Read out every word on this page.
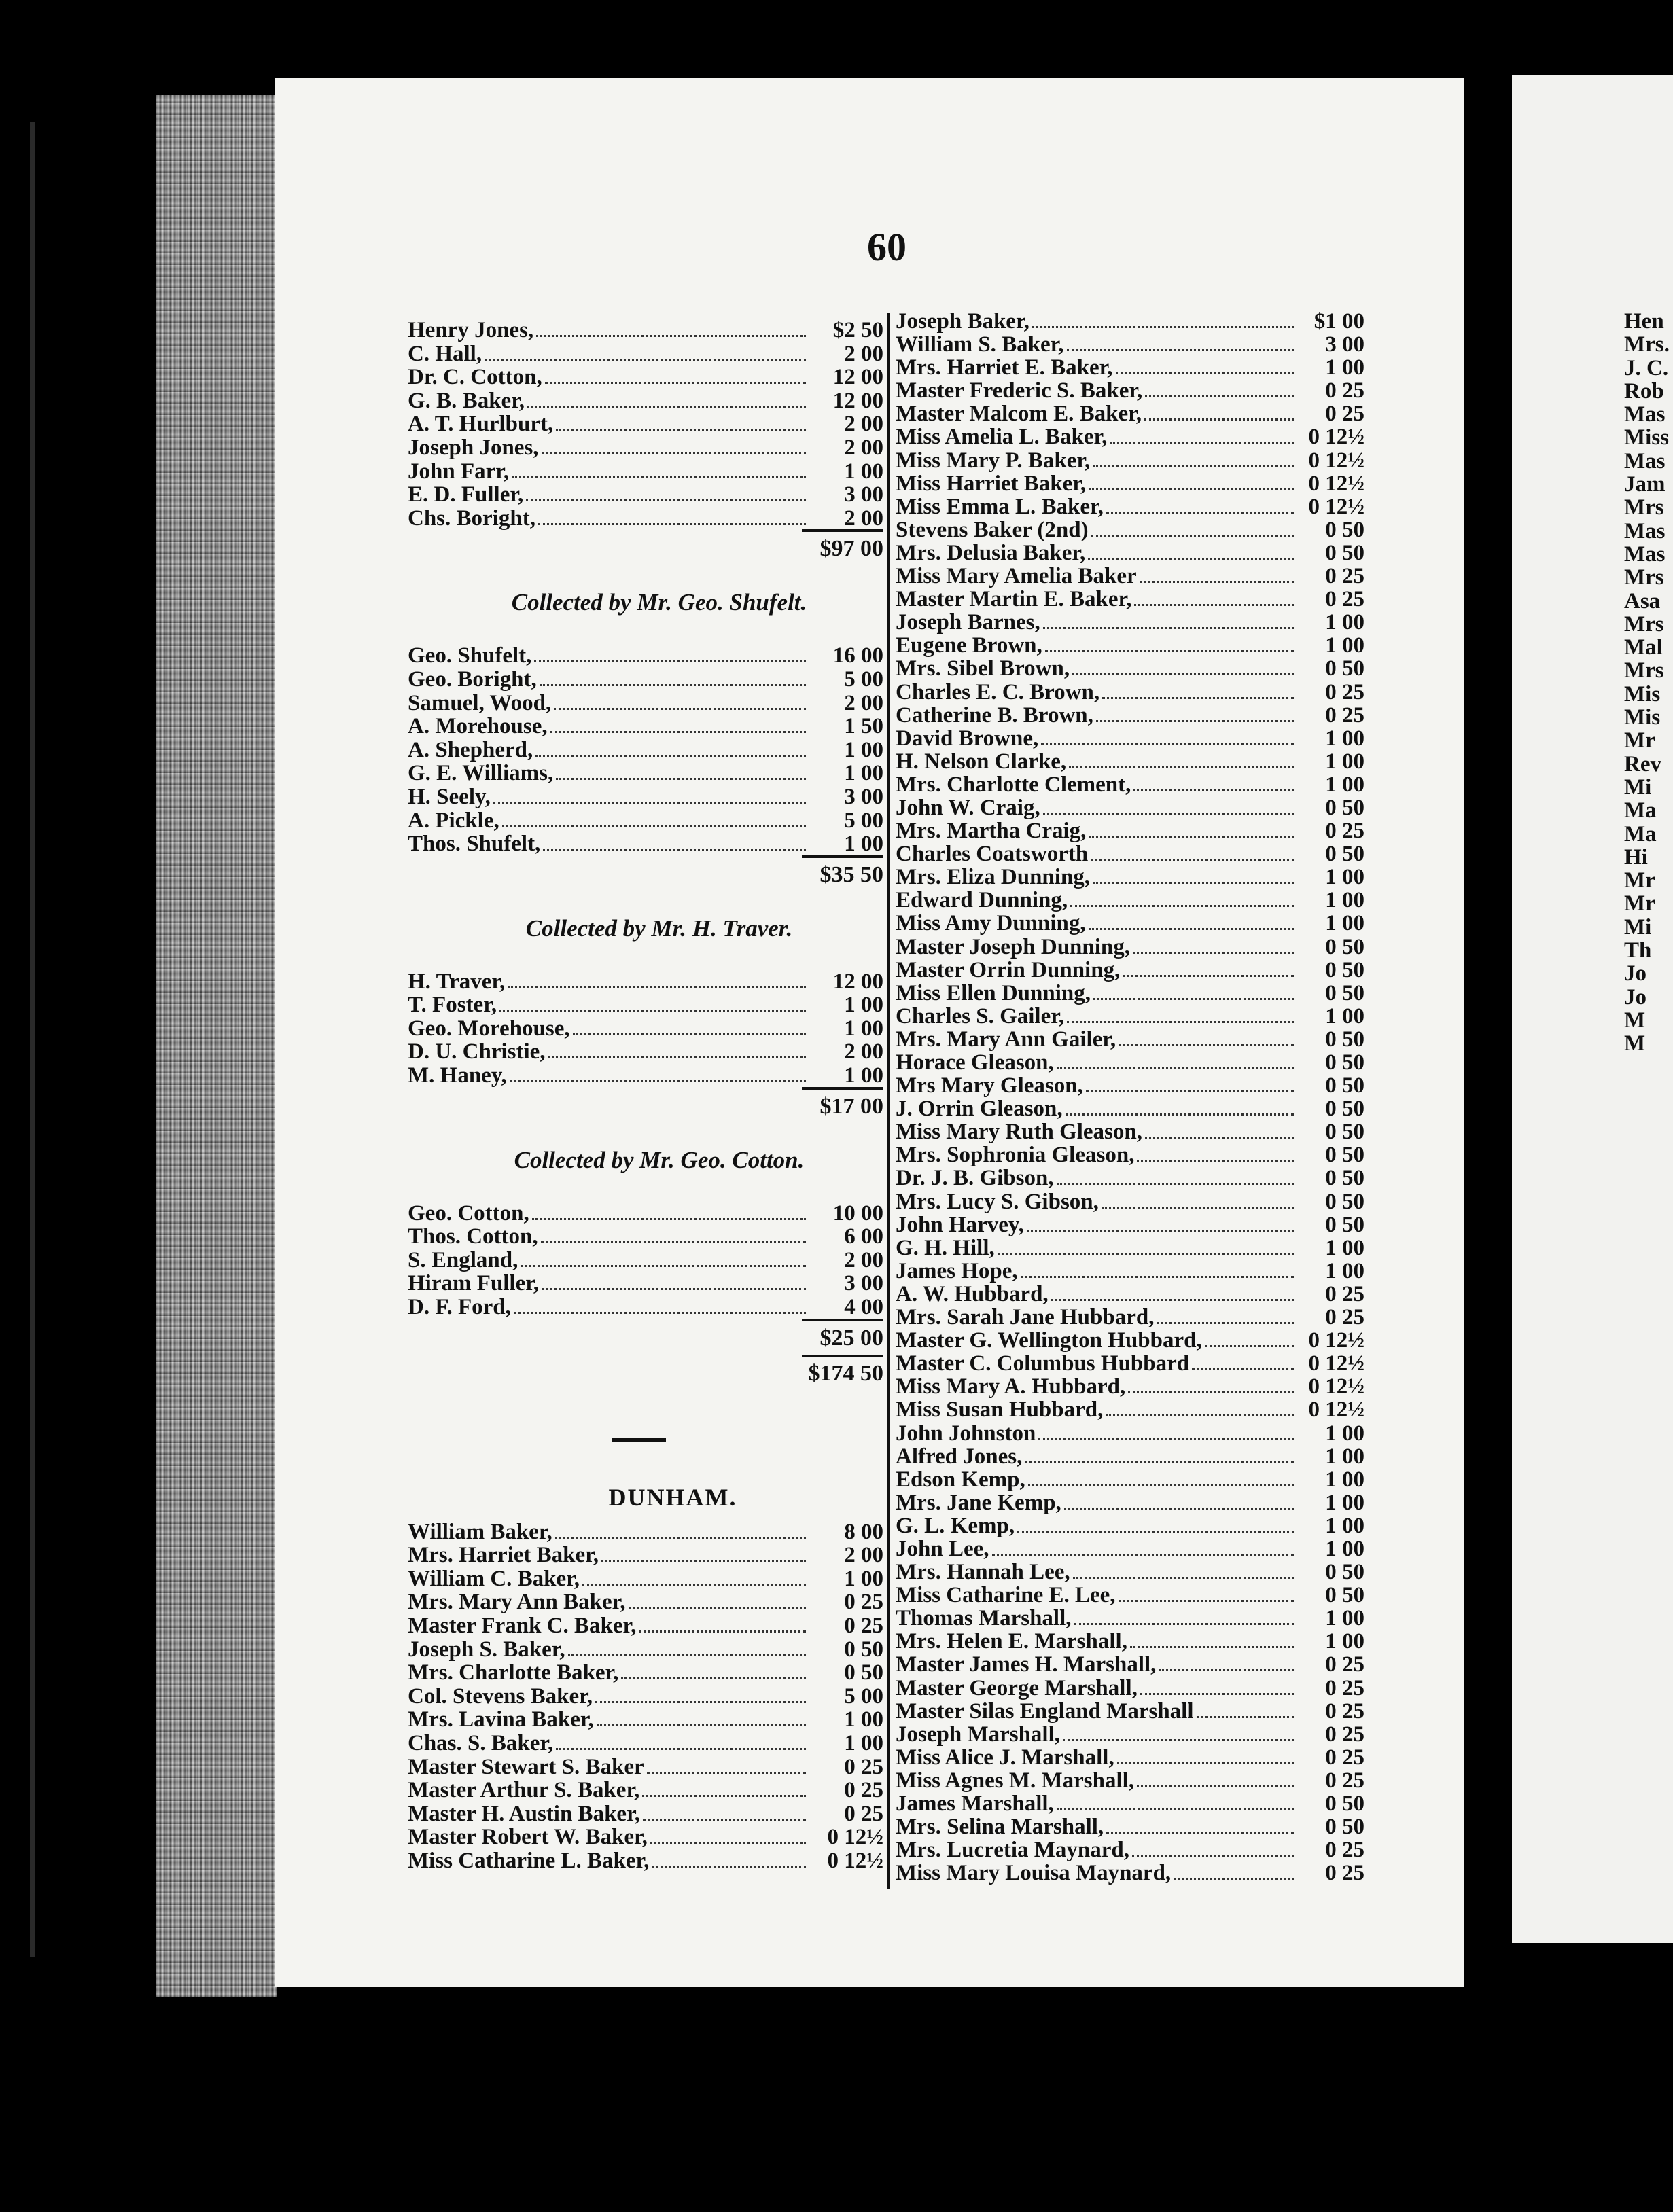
Hen
Mrs.
J. C.
Rob
Mas
Miss
Mas
Jam
Mrs
Mas
Mas
Mrs
Asa
Mrs
Mal
Mrs
Mis
Mis
Mr
Rev
Mi
Ma
Ma
Hi
Mr
Mr
Mi
Th
Jo
Jo
M
M
60
Henry Jones,	$2 50
C. Hall,	2 00
Dr. C. Cotton,	12 00
G. B. Baker,	12 00
A. T. Hurlburt,	2 00
Joseph Jones,	2 00
John Farr,	1 00
E. D. Fuller,	3 00
Chs. Boright,	2 00
$97 00
Collected by Mr. Geo. Shufelt.
Geo. Shufelt,	16 00
Geo. Boright,	5 00
Samuel, Wood,	2 00
A. Morehouse,	1 50
A. Shepherd,	1 00
G. E. Williams,	1 00
H. Seely,	3 00
A. Pickle,	5 00
Thos. Shufelt,	1 00
$35 50
Collected by Mr. H. Traver.
H. Traver,	12 00
T. Foster,	1 00
Geo. Morehouse,	1 00
D. U. Christie,	2 00
M. Haney,	1 00
$17 00
Collected by Mr. Geo. Cotton.
Geo. Cotton,	10 00
Thos. Cotton,	6 00
S. England,	2 00
Hiram Fuller,	3 00
D. F. Ford,	4 00
$25 00
$174 50
DUNHAM.
William Baker,	8 00
Mrs. Harriet Baker,	2 00
William C. Baker,	1 00
Mrs. Mary Ann Baker,	0 25
Master Frank C. Baker,	0 25
Joseph S. Baker,	0 50
Mrs. Charlotte Baker,	0 50
Col. Stevens Baker,	5 00
Mrs. Lavina Baker,	1 00
Chas. S. Baker,	1 00
Master Stewart S. Baker	0 25
Master Arthur S. Baker,	0 25
Master H. Austin Baker,	0 25
Master Robert W. Baker,	0 12½
Miss Catharine L. Baker,	0 12½
Joseph Baker,	$1 00
William S. Baker,	3 00
Mrs. Harriet E. Baker,	1 00
Master Frederic S. Baker,	0 25
Master Malcom E. Baker,	0 25
Miss Amelia L. Baker,	0 12½
Miss Mary P. Baker,	0 12½
Miss Harriet Baker,	0 12½
Miss Emma L. Baker,	0 12½
Stevens Baker (2nd)	0 50
Mrs. Delusia Baker,	0 50
Miss Mary Amelia Baker	0 25
Master Martin E. Baker,	0 25
Joseph Barnes,	1 00
Eugene Brown,	1 00
Mrs. Sibel Brown,	0 50
Charles E. C. Brown,	0 25
Catherine B. Brown,	0 25
David Browne,	1 00
H. Nelson Clarke,	1 00
Mrs. Charlotte Clement,	1 00
John W. Craig,	0 50
Mrs. Martha Craig,	0 25
Charles Coatsworth	0 50
Mrs. Eliza Dunning,	1 00
Edward Dunning,	1 00
Miss Amy Dunning,	1 00
Master Joseph Dunning,	0 50
Master Orrin Dunning,	0 50
Miss Ellen Dunning,	0 50
Charles S. Gailer,	1 00
Mrs. Mary Ann Gailer,	0 50
Horace Gleason,	0 50
Mrs Mary Gleason,	0 50
J. Orrin Gleason,	0 50
Miss Mary Ruth Gleason,	0 50
Mrs. Sophronia Gleason,	0 50
Dr. J. B. Gibson,	0 50
Mrs. Lucy S. Gibson,	0 50
John Harvey,	0 50
G. H. Hill,	1 00
James Hope,	1 00
A. W. Hubbard,	0 25
Mrs. Sarah Jane Hubbard,	0 25
Master G. Wellington Hubbard,	0 12½
Master C. Columbus Hubbard	0 12½
Miss Mary A. Hubbard,	0 12½
Miss Susan Hubbard,	0 12½
John Johnston	1 00
Alfred Jones,	1 00
Edson Kemp,	1 00
Mrs. Jane Kemp,	1 00
G. L. Kemp,	1 00
John Lee,	1 00
Mrs. Hannah Lee,	0 50
Miss Catharine E. Lee,	0 50
Thomas Marshall,	1 00
Mrs. Helen E. Marshall,	1 00
Master James H. Marshall,	0 25
Master George Marshall,	0 25
Master Silas England Marshall	0 25
Joseph Marshall,	0 25
Miss Alice J. Marshall,	0 25
Miss Agnes M. Marshall,	0 25
James Marshall,	0 50
Mrs. Selina Marshall,	0 50
Mrs. Lucretia Maynard,	0 25
Miss Mary Louisa Maynard,	0 25
